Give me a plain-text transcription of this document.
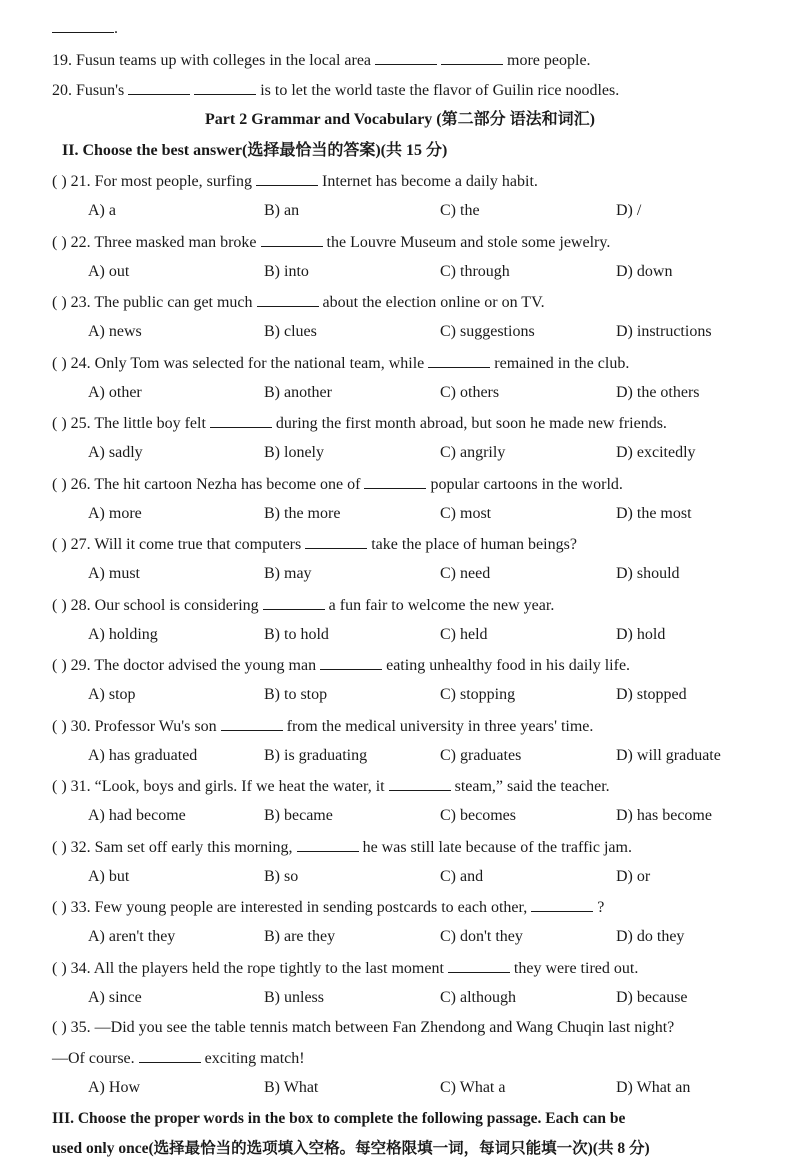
.
19. Fusun teams up with colleges in the local area	more people.
20. Fusun's	is to let the world taste the flavor of Guilin rice noodles.
Part 2 Grammar and Vocabulary (第二部分 语法和词汇)
II. Choose the best answer(选择最恰当的答案)(共 15 分)
( ) 21. For most people, surfing	Internet has become a daily habit.
A) a	B) an	C) the	D) /
( ) 22. Three masked man broke	the Louvre Museum and stole some jewelry.
A) out	B) into	C) through	D) down
( ) 23. The public can get much	about the election online or on TV.
A) news	B) clues	C) suggestions	D) instructions
( ) 24. Only Tom was selected for the national team, while	remained in the club.
A) other	B) another	C) others	D) the others
( ) 25. The little boy felt	during the first month abroad, but soon he made new friends.
A) sadly	B) lonely	C) angrily	D) excitedly
( ) 26. The hit cartoon Nezha has become one of	popular cartoons in the world.
A) more	B) the more	C) most	D) the most
( ) 27. Will it come true that computers	take the place of human beings?
A) must	B) may	C) need	D) should
( ) 28. Our school is considering	a fun fair to welcome the new year.
A) holding	B) to hold	C) held	D) hold
( ) 29. The doctor advised the young man	eating unhealthy food in his daily life.
A) stop	B) to stop	C) stopping	D) stopped
( ) 30. Professor Wu's son	from the medical university in three years' time.
A) has graduated	B) is graduating	C) graduates	D) will graduate
( ) 31. “Look, boys and girls. If we heat the water, it	steam,” said the teacher.
A) had become	B) became	C) becomes	D) has become
( ) 32. Sam set off early this morning,	he was still late because of the traffic jam.
A) but	B) so	C) and	D) or
( ) 33. Few young people are interested in sending postcards to each other,	?
A) aren't they	B) are they	C) don't they	D) do they
( ) 34. All the players held the rope tightly to the last moment	they were tired out.
A) since	B) unless	C) although	D) because
( ) 35. —Did you see the table tennis match between Fan Zhendong and Wang Chuqin last night?
—Of course.	exciting match!
A) How	B) What	C) What a	D) What an
III. Choose the proper words in the box to complete the following passage. Each can be
used only once(选择最恰当的选项填入空格。每空格限填一词，每词只能填一次)(共 8 分)
